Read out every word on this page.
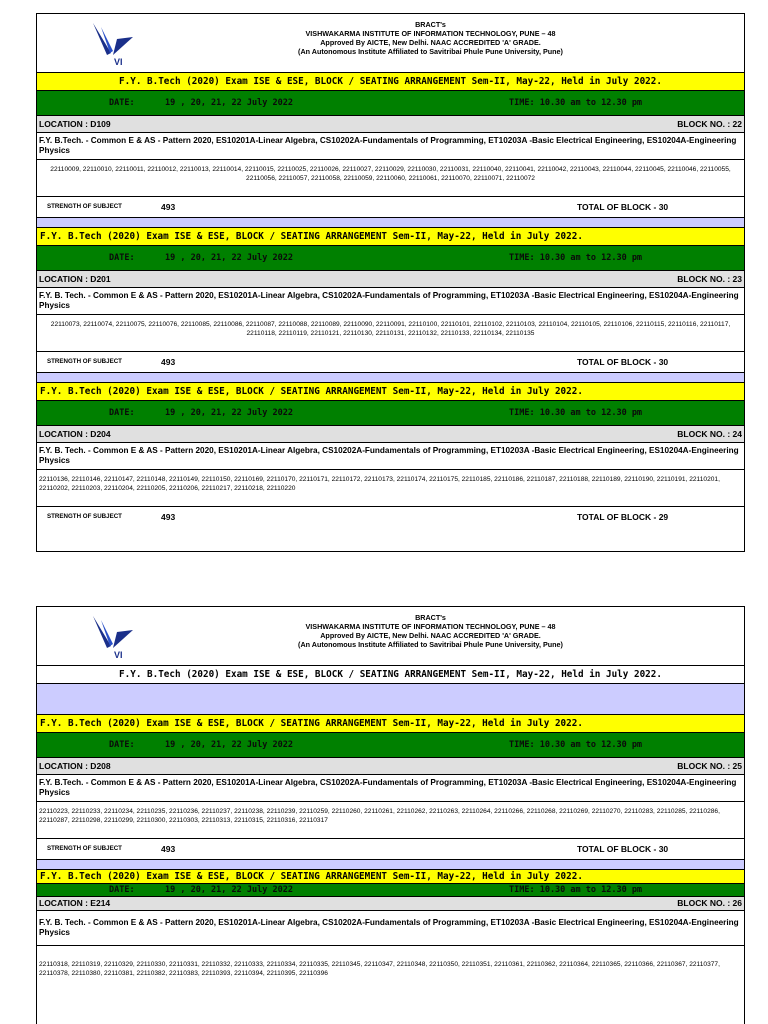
VI
BRACT's
VISHWAKARMA INSTITUTE OF INFORMATION TECHNOLOGY, PUNE – 48
Approved By AICTE, New Delhi. NAAC ACCREDITED 'A' GRADE.
(An Autonomous Institute Affiliated to Savitribai Phule Pune University, Pune)
F.Y. B.Tech (2020) Exam ISE & ESE, BLOCK / SEATING ARRANGEMENT Sem-II, May-22, Held in July 2022.
DATE:	19 , 20, 21, 22 July 2022	TIME: 10.30 am to 12.30 pm
LOCATION : D109	BLOCK NO. : 22
F.Y. B.Tech. - Common E & AS - Pattern 2020, ES10201A-Linear Algebra, CS10202A-Fundamentals of Programming, ET10203A -Basic Electrical Engineering, ES10204A-Engineering Physics
22110009, 22110010, 22110011, 22110012, 22110013, 22110014, 22110015, 22110025, 22110026, 22110027, 22110029, 22110030, 22110031, 22110040, 22110041, 22110042, 22110043, 22110044, 22110045, 22110046, 22110055, 22110056, 22110057, 22110058, 22110059, 22110060, 22110061, 22110070, 22110071, 22110072
STRENGTH OF SUBJECT	493	TOTAL OF BLOCK - 30
F.Y. B.Tech (2020) Exam ISE & ESE, BLOCK / SEATING ARRANGEMENT Sem-II, May-22, Held in July 2022.
DATE:	19 , 20, 21, 22 July 2022	TIME: 10.30 am to 12.30 pm
LOCATION : D201	BLOCK NO. : 23
F.Y. B. Tech. - Common E & AS - Pattern 2020, ES10201A-Linear Algebra, CS10202A-Fundamentals of Programming, ET10203A -Basic Electrical Engineering, ES10204A-Engineering Physics
22110073, 22110074, 22110075, 22110076, 22110085, 22110086, 22110087, 22110088, 22110089, 22110090, 22110091, 22110100, 22110101, 22110102, 22110103, 22110104, 22110105, 22110106, 22110115, 22110116, 22110117, 22110118, 22110119, 22110121, 22110130, 22110131, 22110132, 22110133, 22110134, 22110135
STRENGTH OF SUBJECT	493	TOTAL OF BLOCK - 30
F.Y. B.Tech (2020) Exam ISE & ESE, BLOCK / SEATING ARRANGEMENT Sem-II, May-22, Held in July 2022.
DATE:	19 , 20, 21, 22 July 2022	TIME: 10.30 am to 12.30 pm
LOCATION : D204	BLOCK NO. : 24
F.Y. B. Tech. - Common E & AS - Pattern 2020, ES10201A-Linear Algebra, CS10202A-Fundamentals of Programming, ET10203A -Basic Electrical Engineering, ES10204A-Engineering Physics
22110136, 22110146, 22110147, 22110148, 22110149, 22110150, 22110169, 22110170, 22110171, 22110172, 22110173, 22110174, 22110175, 22110185, 22110186, 22110187, 22110188, 22110189, 22110190, 22110191, 22110201, 22110202, 22110203, 22110204, 22110205, 22110206, 22110217, 22110218, 22110220
STRENGTH OF SUBJECT	493	TOTAL OF BLOCK - 29
VI
BRACT's
VISHWAKARMA INSTITUTE OF INFORMATION TECHNOLOGY, PUNE – 48
Approved By AICTE, New Delhi. NAAC ACCREDITED 'A' GRADE.
(An Autonomous Institute Affiliated to Savitribai Phule Pune University, Pune)
F.Y. B.Tech (2020) Exam ISE & ESE, BLOCK / SEATING ARRANGEMENT Sem-II, May-22, Held in July 2022.
F.Y. B.Tech (2020) Exam ISE & ESE, BLOCK / SEATING ARRANGEMENT Sem-II, May-22, Held in July 2022.
DATE:	19 , 20, 21, 22 July 2022	TIME: 10.30 am to 12.30 pm
LOCATION : D208	BLOCK NO. : 25
F.Y. B.Tech. - Common E & AS - Pattern 2020, ES10201A-Linear Algebra, CS10202A-Fundamentals of Programming, ET10203A -Basic Electrical Engineering, ES10204A-Engineering Physics
22110223, 22110233, 22110234, 22110235, 22110236, 22110237, 22110238, 22110239, 22110259, 22110260, 22110261, 22110262, 22110263, 22110264, 22110266, 22110268, 22110269, 22110270, 22110283, 22110285, 22110286, 22110287, 22110298, 22110299, 22110300, 22110303, 22110313, 22110315, 22110316, 22110317
STRENGTH OF SUBJECT	493	TOTAL OF BLOCK - 30
F.Y. B.Tech (2020) Exam ISE & ESE, BLOCK / SEATING ARRANGEMENT Sem-II, May-22, Held in July 2022.
DATE:	19 , 20, 21, 22 July 2022	TIME: 10.30 am to 12.30 pm
LOCATION : E214	BLOCK NO. : 26
F.Y. B. Tech. - Common E & AS - Pattern 2020, ES10201A-Linear Algebra, CS10202A-Fundamentals of Programming, ET10203A -Basic Electrical Engineering, ES10204A-Engineering Physics
22110318, 22110319, 22110329, 22110330, 22110331, 22110332, 22110333, 22110334, 22110335, 22110345, 22110347, 22110348, 22110350, 22110351, 22110361, 22110362, 22110364, 22110365, 22110366, 22110367, 22110377, 22110378, 22110380, 22110381, 22110382, 22110383, 22110393, 22110394, 22110395, 22110396
